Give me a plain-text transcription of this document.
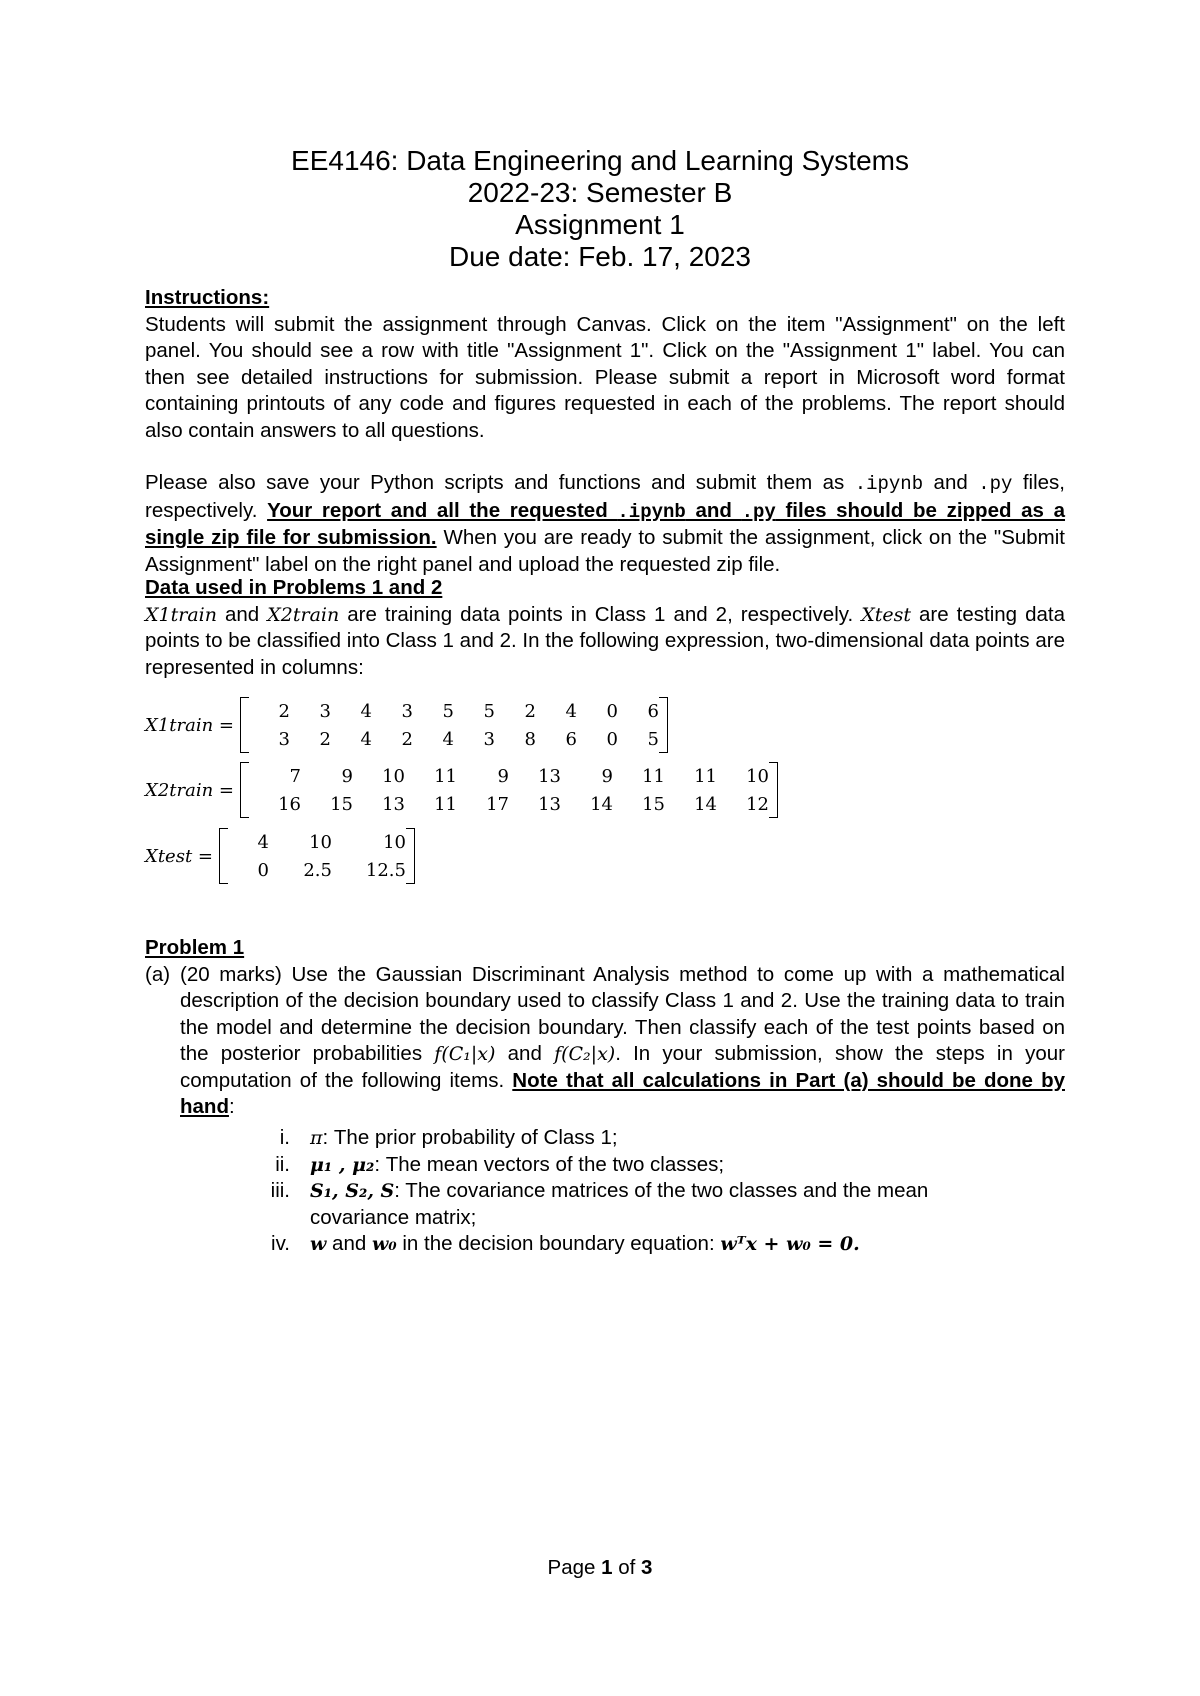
EE4146: Data Engineering and Learning Systems
2022-23: Semester B
Assignment 1
Due date: Feb. 17, 2023
Instructions:

Students will submit the assignment through Canvas. Click on the item "Assignment" on the left panel. You should see a row with title "Assignment 1". Click on the "Assignment 1" label. You can then see detailed instructions for submission. Please submit a report in Microsoft word format containing printouts of any code and figures requested in each of the problems. The report should also contain answers to all questions.

Please also save your Python scripts and functions and submit them as .ipynb and .py files, respectively. Your report and all the requested .ipynb and .py files should be zipped as a single zip file for submission. When you are ready to submit the assignment, click on the "Submit Assignment" label on the right panel and upload the requested zip file.

Data used in Problems 1 and 2

X1train and X2train are training data points in Class 1 and 2, respectively. Xtest are testing data points to be classified into Class 1 and 2. In the following expression, two-dimensional data points are represented in columns:

X1train =
2	3	4	3	5	5	2	4	0	6
3	2	4	2	4	3	8	6	0	5
X2train =
7	9	10	11	9	13	9	11	11	10
16	15	13	11	17	13	14	15	14	12
Xtest =
4	10	10
0	2.5	12.5
Problem 1
(a) (20 marks) Use the Gaussian Discriminant Analysis method to come up with a mathematical description of the decision boundary used to classify Class 1 and 2. Use the training data to train the model and determine the decision boundary. Then classify each of the test points based on the posterior probabilities f(C₁|x) and f(C₂|x). In your submission, show the steps in your computation of the following items. Note that all calculations in Part (a) should be done by hand:
i.	π: The prior probability of Class 1;
ii.	μ₁ , μ₂: The mean vectors of the two classes;
iii.	S₁, S₂, S: The covariance matrices of the two classes and the mean covariance matrix;
iv.	w and w₀ in the decision boundary equation: wᵀx + w₀ = 0.
Page 1 of 3
